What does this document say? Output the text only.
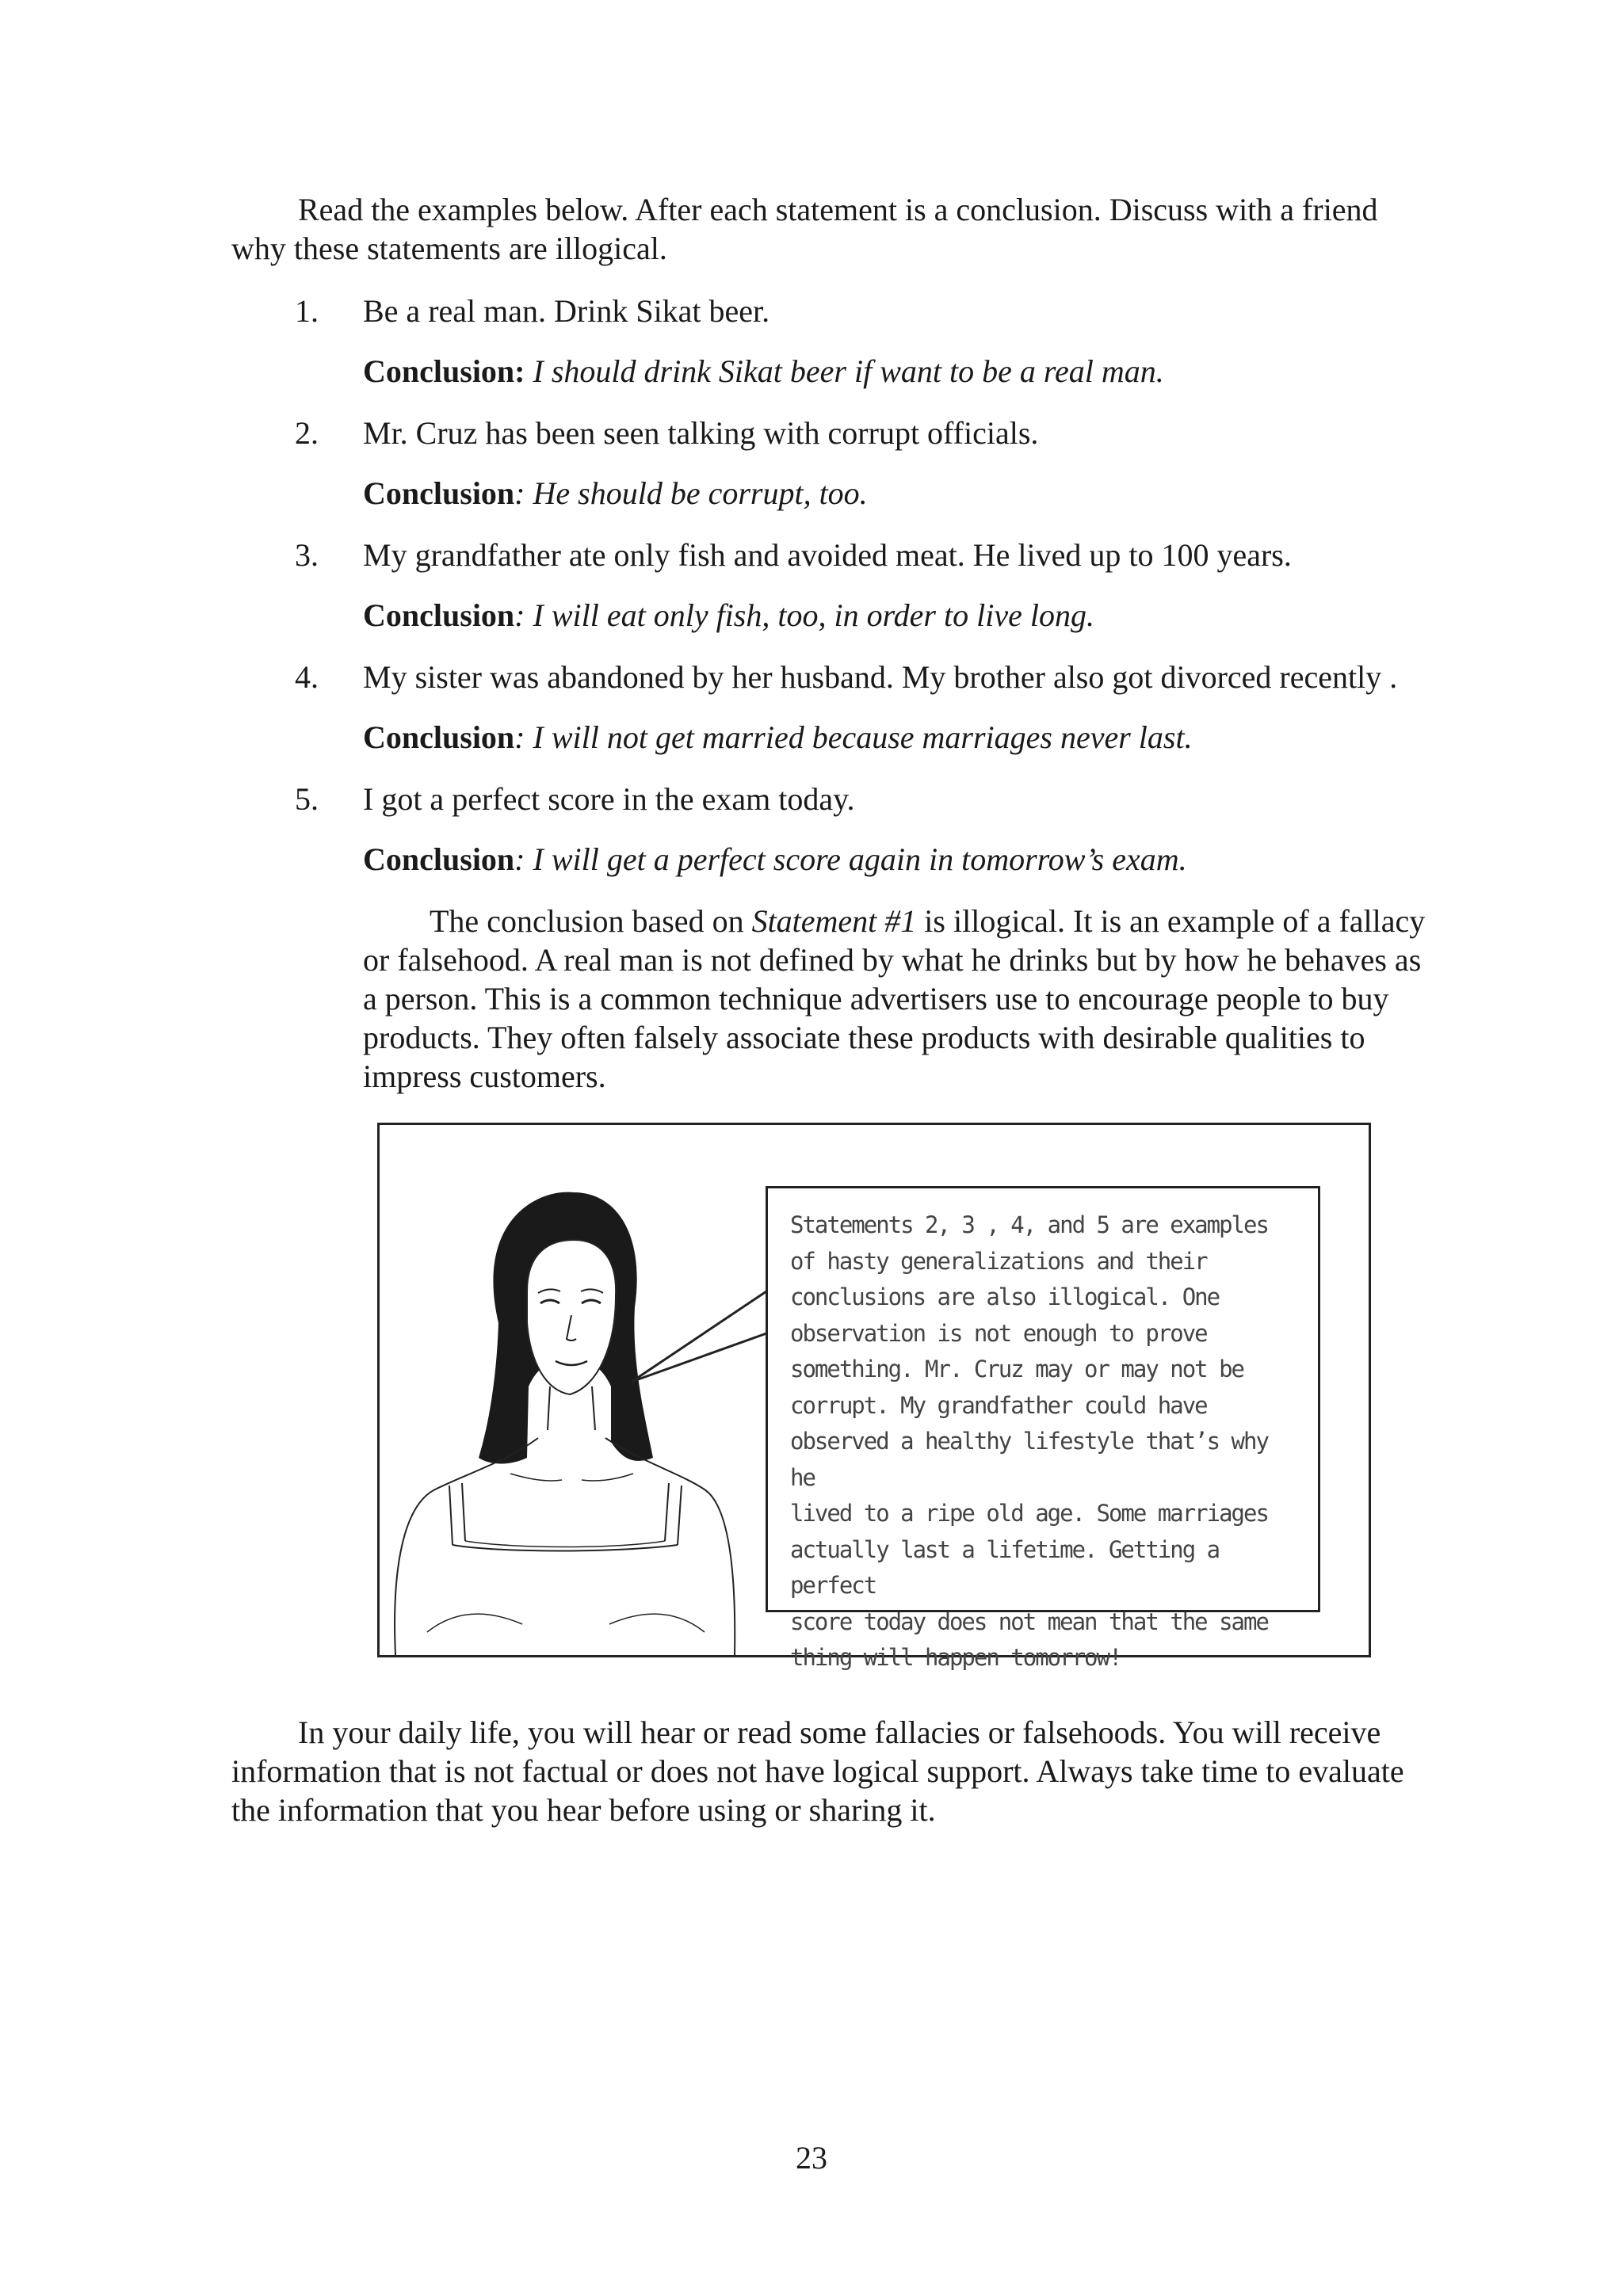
Read the examples below. After each statement is a conclusion. Discuss with a friend why these statements are illogical.

1.	Be a real man. Drink Sikat beer.
Conclusion: I should drink Sikat beer if want to be a real man.
2.	Mr. Cruz has been seen talking with corrupt officials.
Conclusion: He should be corrupt, too.
3.	My grandfather ate only fish and avoided meat. He lived up to 100 years.
Conclusion: I will eat only fish, too, in order to live long.
4.	My sister was abandoned by her husband. My brother also got divorced recently .
Conclusion: I will not get married because marriages never last.
5.	I got a perfect score in the exam today.
Conclusion: I will get a perfect score again in tomorrow’s exam.

The conclusion based on Statement #1 is illogical. It is an example of a fallacy or falsehood. A real man is not defined by what he drinks but by how he behaves as a person. This is a common technique advertisers use to encourage people to buy products. They often falsely associate these products with desirable qualities to impress customers.

Statements 2, 3 , 4, and 5 are examples
of hasty generalizations and their
conclusions are also illogical. One
observation is not enough to prove
something. Mr. Cruz may or may not be
corrupt. My grandfather could have
observed a healthy lifestyle that’s why he
lived to a ripe old age. Some marriages
actually last a lifetime. Getting a perfect
score today does not mean that the same
thing will happen tomorrow!

In your daily life, you will hear or read some fallacies or falsehoods. You will receive information that is not factual or does not have logical support. Always take time to evaluate the information that you hear before using or sharing it.

23
